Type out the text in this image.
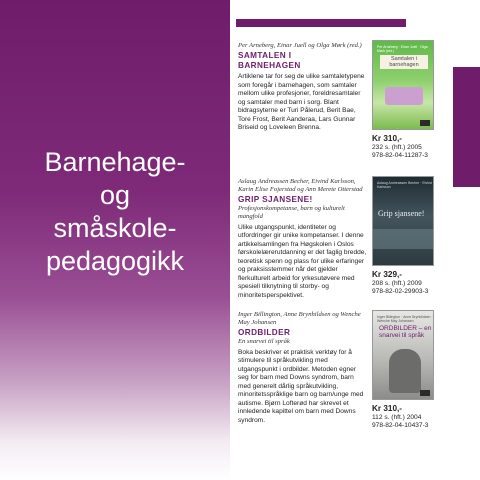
Barnehage-
og
småskole-
pedagogikk
Per Arneberg, Einar Juell og Olga Mørk (red.)
SAMTALEN I
BARNEHAGEN
Artiklene tar for seg de ulike samtaletypene som foregår i barnehagen, som samtaler mellom ulike profesjoner, foreldresamtaler og samtaler med barn i sorg. Blant bidragsyterne er Turi Pålerud, Berit Bae, Tore Frost, Berit Aanderaa, Lars Gunnar Briseid og Loveleen Brenna.
Per Arneberg · Einar Juell · Olga Mørk (red.)
Samtalen i barnehagen
Kr 310,-
232 s. (hft.) 2005
978-82-04-11287-3
Aslaug Andreassen Becher, Eivind Karlsson, Karin Elise Fojerstad og Ann Merete Otterstad
GRIP SJANSENE!
Profesjonskompetanse, barn og kulturelt mangfold
Ulike utgangspunkt, identiteter og utfordringer gir unike kompetanser. I denne artikkelsamlingen fra Høgskolen i Oslos førskolelærerutdanning er det faglig bredde, teoretisk spenn og plass for ulike erfaringer og praksisstemmer når det gjelder flerkulturelt arbeid for yrkesutøvere med spesiell tilknytning til storby- og minoritetsperspektivet.
Aslaug Andreassen Becher · Eivind Karlsson
Grip sjansene!
Kr 329,-
208 s. (hft.) 2009
978-82-02-29903-3
Inger Billington, Anne Brynhildsen og Wenche May Johansen
ORDBILDER
En snarvei til språk
Boka beskriver et praktisk verktøy for å stimulere til språkutvikling med utgangspunkt i ordbilder. Metoden egner seg for barn med Downs syndrom, barn med generelt dårlig språkutvikling, minoritetsspråklige barn og barn/unge med autisme. Bjørn Lofterød har skrevet et innledende kapittel om barn med Downs syndrom.
Inger Billington · Anne Brynhildsen · Wenche May Johansen
ORDBILDER – en snarvei til språk
Kr 310,-
112 s. (hft.) 2004
978-82-04-10437-3
